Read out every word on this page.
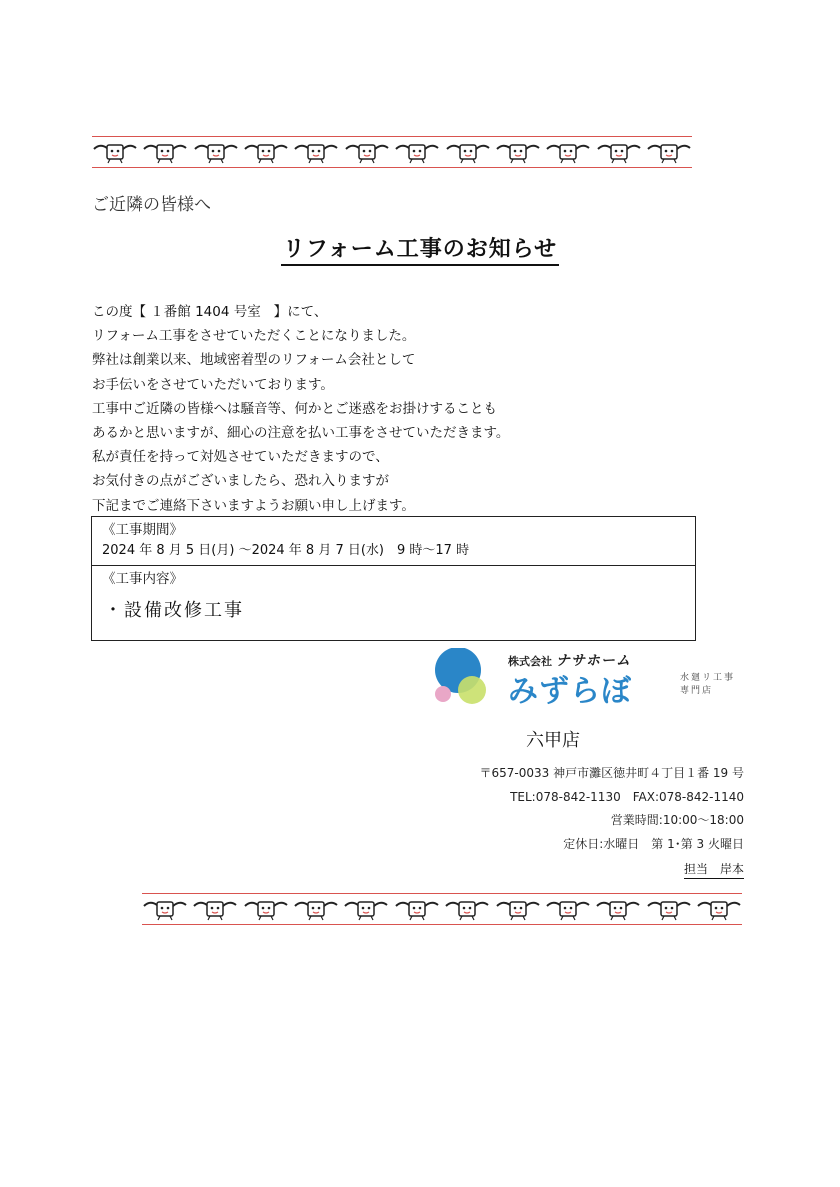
ご近隣の皆様へ
リフォーム工事のお知らせ
この度【 １番館 1404 号室 】にて、
リフォーム工事をさせていただくことになりました。
弊社は創業以来、地域密着型のリフォーム会社として
お手伝いをさせていただいております。
工事中ご近隣の皆様へは騒音等、何かとご迷惑をお掛けすることも
あるかと思いますが、細心の注意を払い工事をさせていただきます。
私が責任を持って対処させていただきますので、
お気付きの点がございましたら、恐れ入りますが
下記までご連絡下さいますようお願い申し上げます。
《工事期間》
2024 年 8 月 5 日(月) ～2024 年 8 月 7 日(水)　9 時～17 時
《工事内容》
・設備改修工事
株式会社 ナサホーム
みずらぼ	水廻リ工事専門店
六甲店
〒657-0033 神戸市灘区徳井町４丁目１番 19 号
TEL:078-842-1130　FAX:078-842-1140
営業時間:10:00～18:00
定休日:水曜日　第 1･第 3 火曜日
担当　岸本
